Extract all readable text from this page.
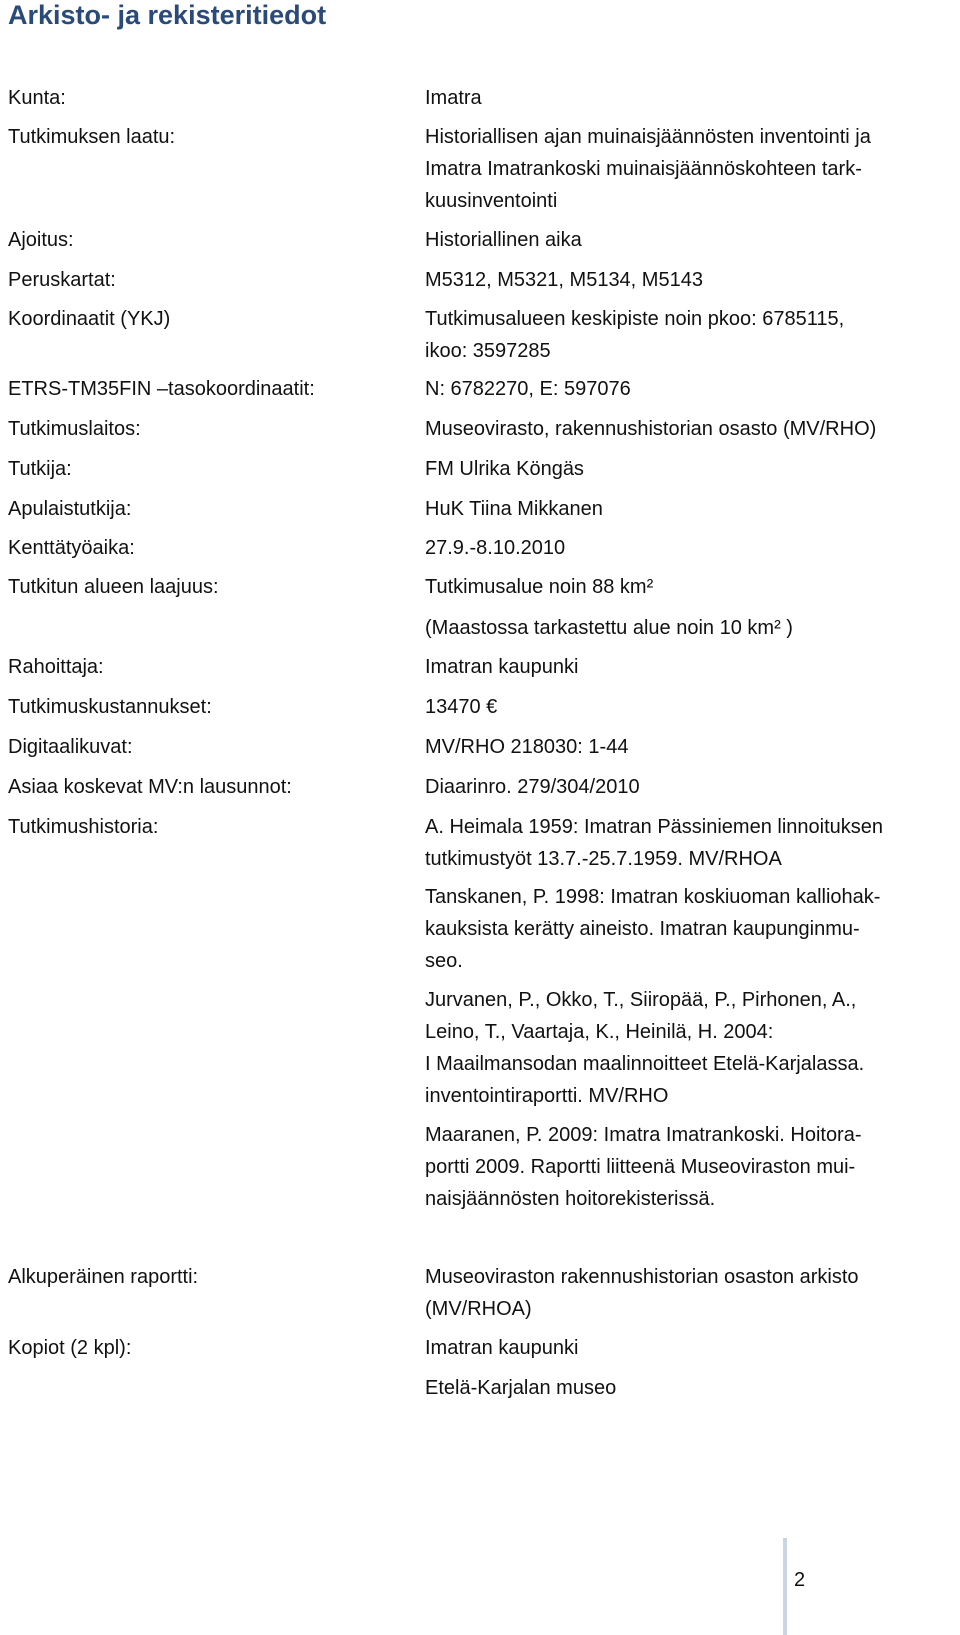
Arkisto- ja rekisteritiedot
Kunta:	Imatra
Tutkimuksen laatu:	Historiallisen ajan muinaisjäännösten inventointi ja
Imatra Imatrankoski muinaisjäännöskohteen tark-
kuusinventointi
Ajoitus:	Historiallinen aika
Peruskartat:	M5312, M5321, M5134, M5143
Koordinaatit (YKJ)	Tutkimusalueen keskipiste noin pkoo: 6785115,
ikoo: 3597285
ETRS-TM35FIN –tasokoordinaatit:	N: 6782270, E: 597076
Tutkimuslaitos:	Museovirasto, rakennushistorian osasto (MV/RHO)
Tutkija:	FM Ulrika Köngäs
Apulaistutkija:	HuK Tiina Mikkanen
Kenttätyöaika:	27.9.-8.10.2010
Tutkitun alueen laajuus:	Tutkimusalue noin 88 km²
(Maastossa tarkastettu alue noin 10 km² )
Rahoittaja:	Imatran kaupunki
Tutkimuskustannukset:	13470 €
Digitaalikuvat:	MV/RHO 218030: 1-44
Asiaa koskevat MV:n lausunnot:	Diaarinro. 279/304/2010
Tutkimushistoria:	A. Heimala 1959: Imatran Pässiniemen linnoituksen
tutkimustyöt 13.7.-25.7.1959. MV/RHOA
Tanskanen, P. 1998: Imatran koskiuoman kalliohak-
kauksista kerätty aineisto. Imatran kaupunginmu-
seo.
Jurvanen, P., Okko, T., Siiropää, P., Pirhonen, A.,
Leino, T., Vaartaja, K., Heinilä, H. 2004:
I Maailmansodan maalinnoitteet Etelä-Karjalassa.
inventointiraportti. MV/RHO
Maaranen, P. 2009: Imatra Imatrankoski. Hoitora-
portti 2009. Raportti liitteenä Museoviraston mui-
naisjäännösten hoitorekisterissä.
Alkuperäinen raportti:	Museoviraston rakennushistorian osaston arkisto
(MV/RHOA)
Kopiot (2 kpl):	Imatran kaupunki
Etelä-Karjalan museo
2
